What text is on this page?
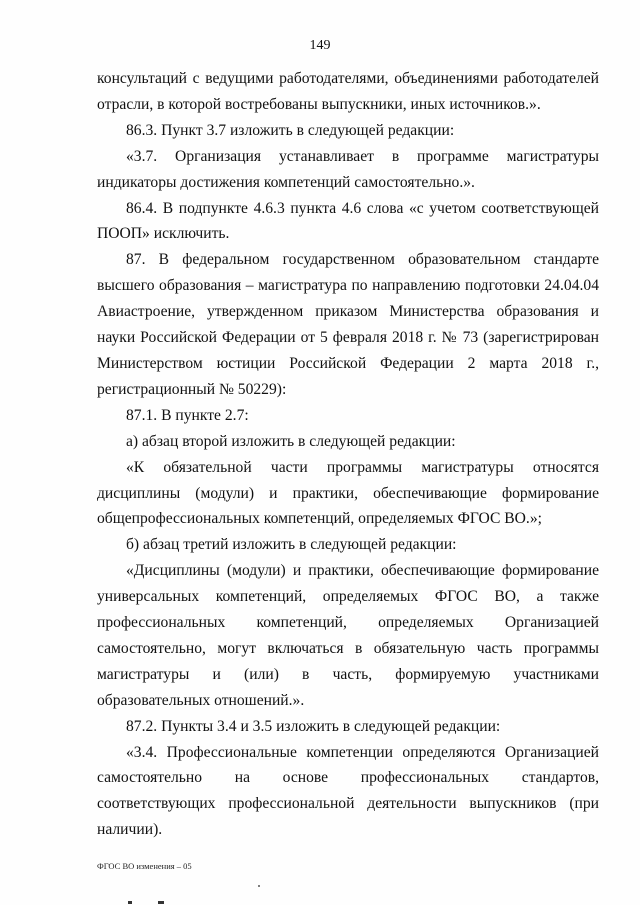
149

консультаций с ведущими работодателями, объединениями работодателей отрасли, в которой востребованы выпускники, иных источников.».

86.3. Пункт 3.7 изложить в следующей редакции:

«3.7. Организация устанавливает в программе магистратуры индикаторы достижения компетенций самостоятельно.».

86.4. В подпункте 4.6.3 пункта 4.6 слова «с учетом соответствующей ПООП» исключить.

87. В федеральном государственном образовательном стандарте высшего образования – магистратура по направлению подготовки 24.04.04 Авиастроение, утвержденном приказом Министерства образования и науки Российской Федерации от 5 февраля 2018 г. № 73 (зарегистрирован Министерством юстиции Российской Федерации 2 марта 2018 г., регистрационный № 50229):

87.1. В пункте 2.7:

а) абзац второй изложить в следующей редакции:

«К обязательной части программы магистратуры относятся дисциплины (модули) и практики, обеспечивающие формирование общепрофессиональных компетенций, определяемых ФГОС ВО.»;

б) абзац третий изложить в следующей редакции:

«Дисциплины (модули) и практики, обеспечивающие формирование универсальных компетенций, определяемых ФГОС ВО, а также профессиональных компетенций, определяемых Организацией самостоятельно, могут включаться в обязательную часть программы магистратуры и (или) в часть, формируемую участниками образовательных отношений.».

87.2. Пункты 3.4 и 3.5 изложить в следующей редакции:

«3.4. Профессиональные компетенции определяются Организацией самостоятельно на основе профессиональных стандартов, соответствующих профессиональной деятельности выпускников (при наличии).

ФГОС ВО изменения – 05
